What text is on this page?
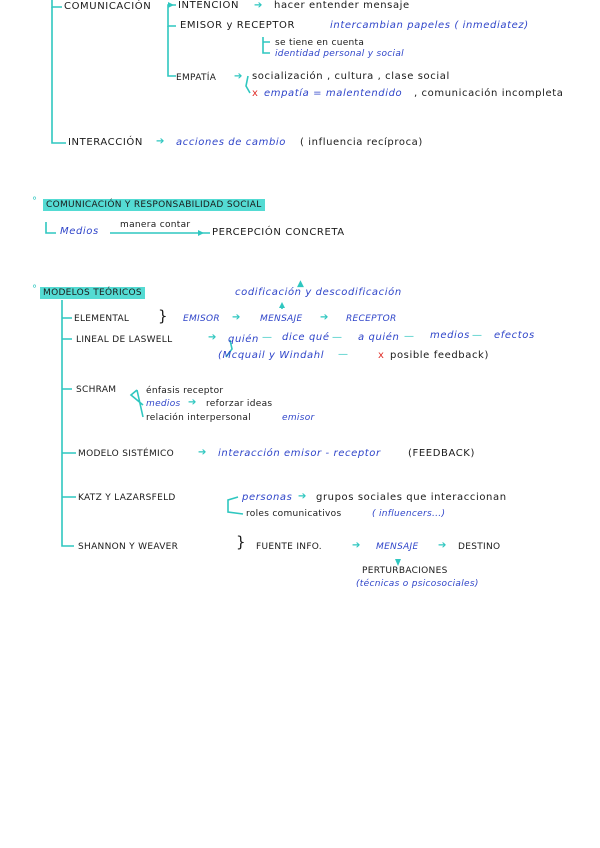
▲
COMUNICACIÓN	INTENCIÓN ➔ hacer entender mensaje
EMISOR y RECEPTOR	intercambian papeles ( inmediatez)
se tiene en cuenta
identidad personal y social
EMPATÍA ➔ socialización , cultura , clase social
x empatía = malentendido , comunicación incompleta
INTERACCIÓN ➔ acciones de cambio ( influencia recíproca)
° COMUNICACIÓN Y RESPONSABILIDAD SOCIAL
Medios
manera contar
PERCEPCIÓN CONCRETA
° MODELOS TEÓRICOS	codificación y descodificación
ELEMENTAL } EMISOR ➔ MENSAJE ➔ RECEPTOR
LINEAL DE LASWELL	➔ quién — dice qué — a quién — medios — efectos
(Mcquail y Windahl —	x posible feedback)
SCHRAM	énfasis receptor
medios ➔ reforzar ideas
relación interpersonal	emisor
MODELO SISTÉMICO ➔ interacción emisor - receptor	(FEEDBACK)
KATZ Y LAZARSFELD	personas ➔ grupos sociales que interaccionan
roles comunicativos	( influencers...)
SHANNON Y WEAVER	} FUENTE INFO.	➔ MENSAJE ➔ DESTINO
PERTURBACIONES
(técnicas o psicosociales)
